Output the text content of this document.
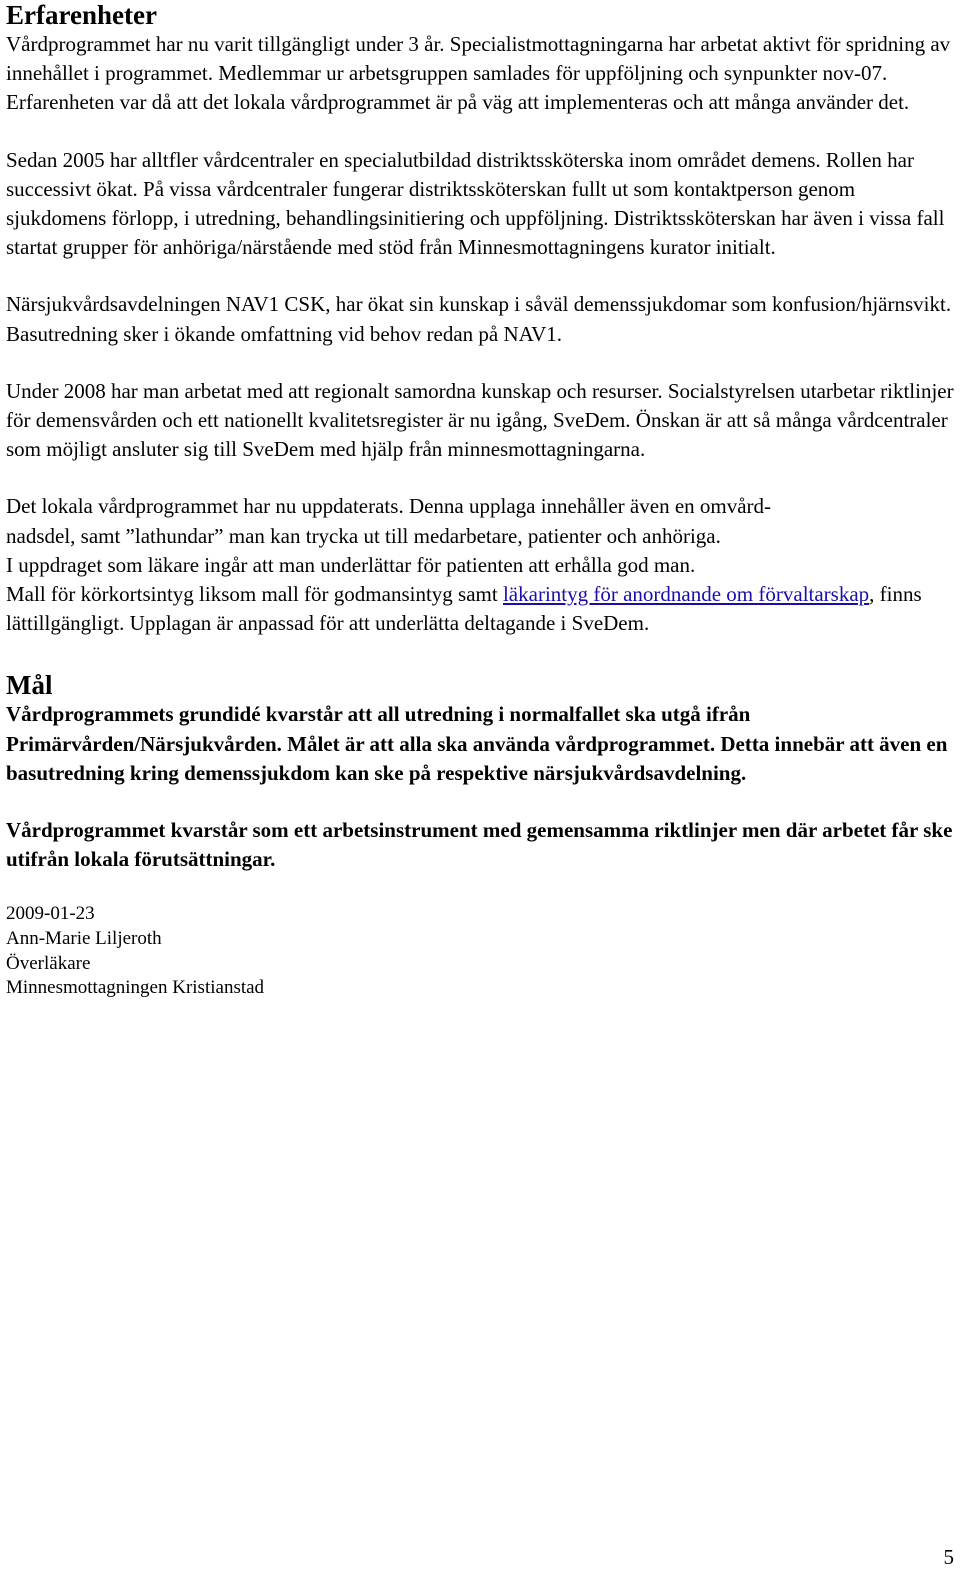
Erfarenheter

Vårdprogrammet har nu varit tillgängligt under 3 år. Specialistmottagningarna har arbetat aktivt för spridning av innehållet i programmet. Medlemmar ur arbetsgruppen samlades för uppföljning och synpunkter nov-07. Erfarenheten var då att det lokala vårdprogrammet är på väg att implementeras och att många använder det.

Sedan 2005 har alltfler vårdcentraler en specialutbildad distriktssköterska inom området demens. Rollen har successivt ökat. På vissa vårdcentraler fungerar distriktssköterskan fullt ut som kontaktperson genom sjukdomens förlopp, i utredning, behandlingsinitiering och uppföljning. Distriktssköterskan har även i vissa fall startat grupper för anhöriga/närstående med stöd från Minnesmottagningens kurator initialt.

Närsjukvårdsavdelningen NAV1 CSK, har ökat sin kunskap i såväl demenssjukdomar som konfusion/hjärnsvikt. Basutredning sker i ökande omfattning vid behov redan på NAV1.

Under 2008 har man arbetat med att regionalt samordna kunskap och resurser. Socialstyrelsen utarbetar riktlinjer för demensvården och ett nationellt kvalitetsregister är nu igång, SveDem. Önskan är att så många vårdcentraler som möjligt ansluter sig till SveDem med hjälp från minnesmottagningarna.

Det lokala vårdprogrammet har nu uppdaterats. Denna upplaga innehåller även en omvård-
nadsdel, samt ”lathundar” man kan trycka ut till medarbetare, patienter och anhöriga.
I uppdraget som läkare ingår att man underlättar för patienten att erhålla god man.
Mall för körkortsintyg liksom mall för godmansintyg samt läkarintyg för anordnande om förvaltarskap, finns lättillgängligt. Upplagan är anpassad för att underlätta deltagande i SveDem.

Mål

Vårdprogrammets grundidé kvarstår att all utredning i normalfallet ska utgå ifrån Primärvården/Närsjukvården. Målet är att alla ska använda vårdprogrammet. Detta innebär att även en basutredning kring demenssjukdom kan ske på respektive närsjukvårdsavdelning.

Vårdprogrammet kvarstår som ett arbetsinstrument med gemensamma riktlinjer men där arbetet får ske utifrån lokala förutsättningar.

2009-01-23
Ann-Marie Liljeroth
Överläkare
Minnesmottagningen Kristianstad
5
